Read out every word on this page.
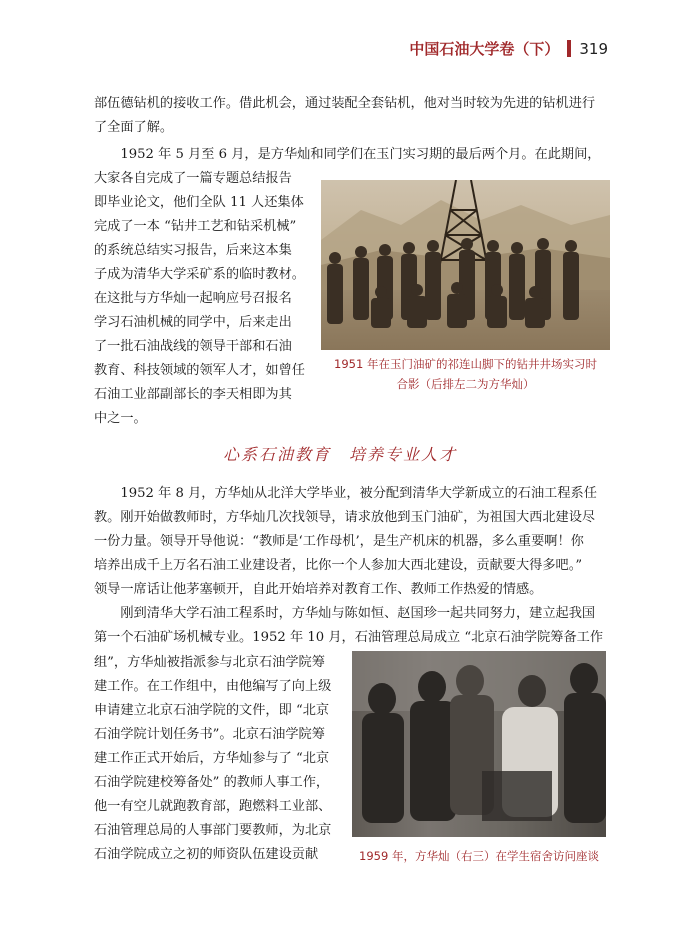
中国石油大学卷（下） 319
部伍德钻机的接收工作。借此机会，通过装配全套钻机，他对当时较为先进的钻机进行
了全面了解。
　　1952 年 5 月至 6 月，是方华灿和同学们在玉门实习期的最后两个月。在此期间，
大家各自完成了一篇专题总结报告
即毕业论文，他们全队 11 人还集体
完成了一本 “钻井工艺和钻采机械”
的系统总结实习报告，后来这本集
子成为清华大学采矿系的临时教材。
在这批与方华灿一起响应号召报名
学习石油机械的同学中，后来走出
了一批石油战线的领导干部和石油
教育、科技领域的领军人才，如曾任
石油工业部副部长的李天相即为其
中之一。
1951 年在玉门油矿的祁连山脚下的钻井井场实习时
合影（后排左二为方华灿）
心系石油教育　培养专业人才
　　1952 年 8 月，方华灿从北洋大学毕业，被分配到清华大学新成立的石油工程系任
教。刚开始做教师时，方华灿几次找领导，请求放他到玉门油矿，为祖国大西北建设尽
一份力量。领导开导他说：“教师是‘工作母机’，是生产机床的机器，多么重要啊！你
培养出成千上万名石油工业建设者，比你一个人参加大西北建设，贡献要大得多吧。”
领导一席话让他茅塞顿开，自此开始培养对教育工作、教师工作热爱的情感。
　　刚到清华大学石油工程系时，方华灿与陈如恒、赵国珍一起共同努力，建立起我国
第一个石油矿场机械专业。1952 年 10 月，石油管理总局成立 “北京石油学院筹备工作
组”，方华灿被指派参与北京石油学院筹
建工作。在工作组中，由他编写了向上级
申请建立北京石油学院的文件，即 “北京
石油学院计划任务书”。北京石油学院筹
建工作正式开始后，方华灿参与了 “北京
石油学院建校筹备处” 的教师人事工作，
他一有空儿就跑教育部，跑燃料工业部、
石油管理总局的人事部门要教师，为北京
石油学院成立之初的师资队伍建设贡献	1959 年，方华灿（右三）在学生宿舍访问座谈
